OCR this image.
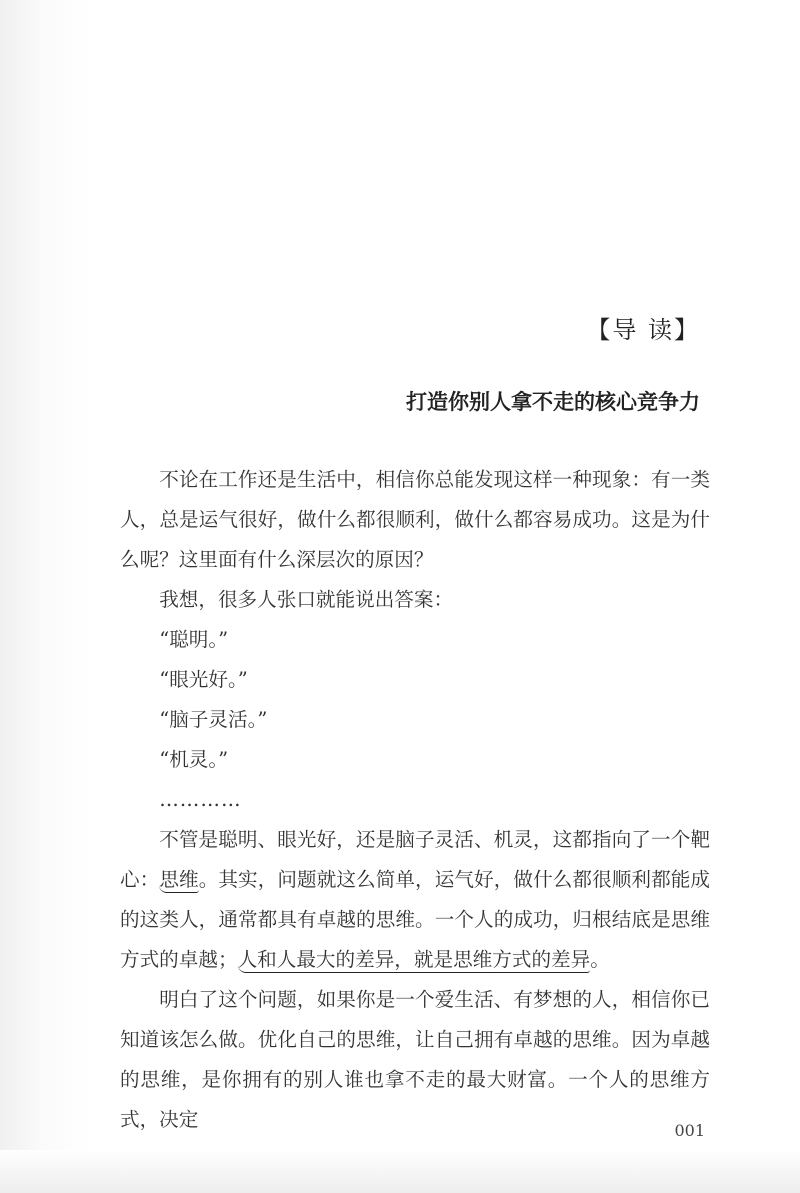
【导 读】
打造你别人拿不走的核心竞争力

不论在工作还是生活中，相信你总能发现这样一种现象：有一类人，总是运气很好，做什么都很顺利，做什么都容易成功。这是为什么呢？这里面有什么深层次的原因？

我想，很多人张口就能说出答案：

“聪明。”

“眼光好。”

“脑子灵活。”

“机灵。”

…………

不管是聪明、眼光好，还是脑子灵活、机灵，这都指向了一个靶心：思维。其实，问题就这么简单，运气好，做什么都很顺利都能成的这类人，通常都具有卓越的思维。一个人的成功，归根结底是思维方式的卓越；人和人最大的差异，就是思维方式的差异。

明白了这个问题，如果你是一个爱生活、有梦想的人，相信你已知道该怎么做。优化自己的思维，让自己拥有卓越的思维。因为卓越的思维，是你拥有的别人谁也拿不走的最大财富。一个人的思维方式，决定	001
